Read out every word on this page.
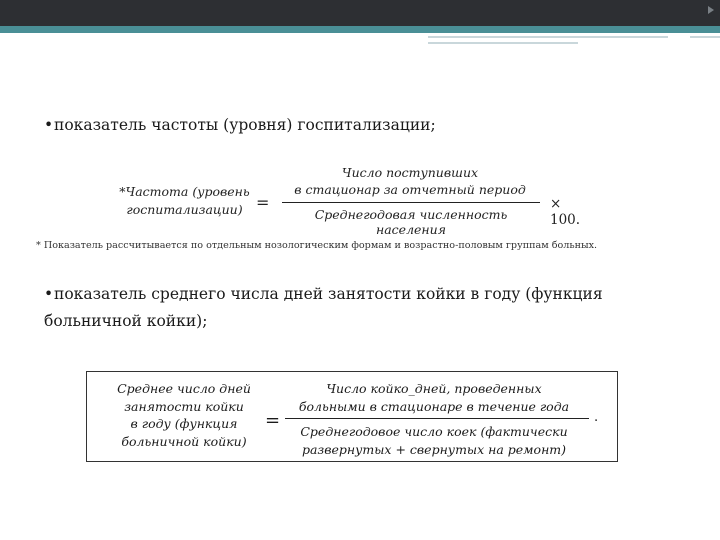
•показатель частоты (уровня) госпитализации;

*Частота (уровень
госпитализации) =
Число поступивших
в стационар за отчетный период
Среднегодовая численность населения
× 100.

* Показатель рассчитывается по отдельным нозологическим формам и возрастно-половым группам больных.

•показатель среднего числа дней занятости койки в году (функция
больничной койки);

Среднее число дней
занятости койки
в году (функция
больничной койки)
=
Число койко_дней, проведенных
больными в стационаре в течение года
Среднегодовое число коек (фактически
развернутых + свернутых на ремонт)
.
